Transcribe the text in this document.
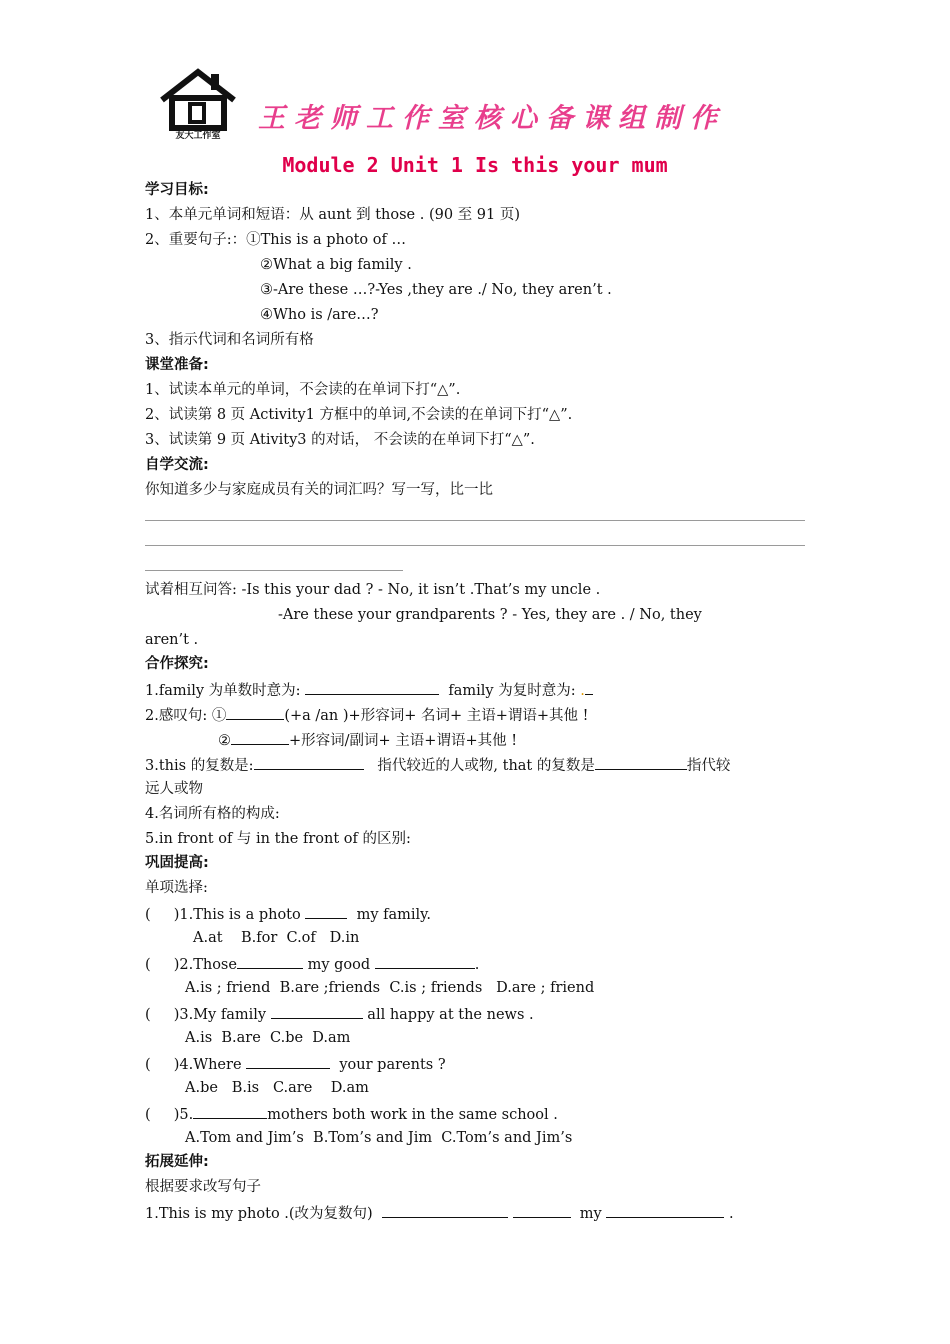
友大工作室
王老师工作室核心备课组制作
Module 2 Unit 1 Is this your mum
学习目标:
1、本单元单词和短语：从 aunt 到 those . (90 至 91 页)
2、重要句子:：①This is a photo of …
②What a big family .
③-Are these …?-Yes ,they are ./ No, they aren’t .
④Who is /are…?
3、指示代词和名词所有格
课堂准备:
1、试读本单元的单词，不会读的在单词下打“△”.
2、试读第 8 页 Activity1 方框中的单词,不会读的在单词下打“△”.
3、试读第 9 页 Ativity3 的对话， 不会读的在单词下打“△”.
自学交流:
你知道多少与家庭成员有关的词汇吗？写一写，比一比
试着相互问答: -Is this your dad ? - No, it isn’t .That’s my uncle .
-Are these your grandparents ? - Yes, they are . / No, they
aren’t .
合作探究:
1.family 为单数时意为:	family 为复时意为: .
2.感叹句: ①	(+a /an )+形容词+ 名词+ 主语+谓语+其他 !
②	+形容词/副词+ 主语+谓语+其他 !
3.this 的复数是:	指代较近的人或物, that 的复数是	指代较
远人或物
4.名词所有格的构成:
5.in front of 与 in the front of 的区别:
巩固提高:
单项选择:
(     )1.This is a photo	my family.
A.at    B.for  C.of   D.in
(     )2.Those	my good	.
A.is ; friend  B.are ;friends  C.is ; friends   D.are ; friend
(     )3.My family	all happy at the news .
A.is  B.are  C.be  D.am
(     )4.Where	your parents ?
A.be   B.is   C.are    D.am
(     )5.	mothers both work in the same school .
A.Tom and Jim’s  B.Tom’s and Jim  C.Tom’s and Jim’s
拓展延伸:
根据要求改写句子
1.This is my photo .(改为复数句)	my	.
